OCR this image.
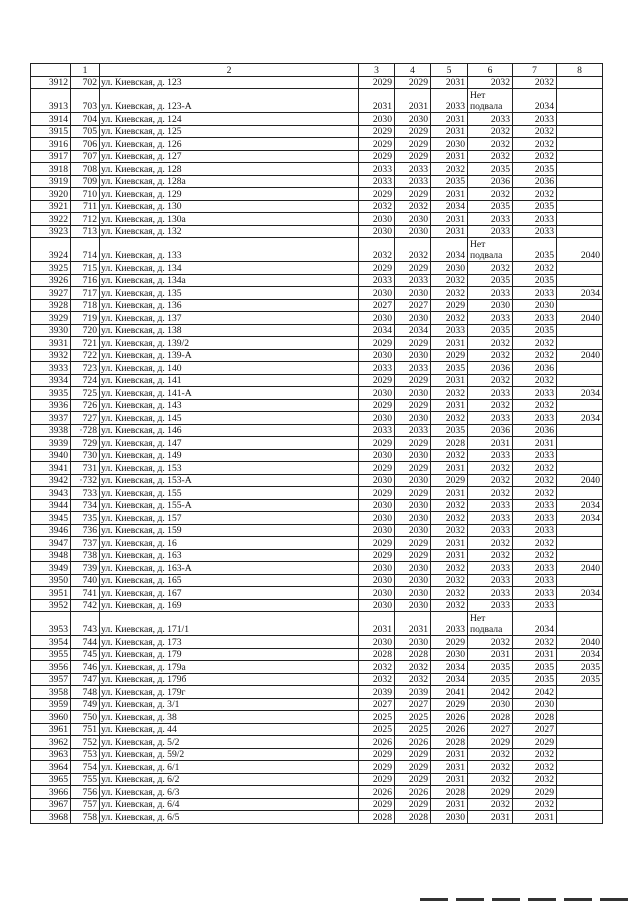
	1	2	3	4	5	6	7	8
3912	702	ул. Киевская, д. 123	2029	2029	2031	2032	2032	
3913	703	ул. Киевская, д. 123-А	2031	2031	2033	Нет подвала	2034	
3914	704	ул. Киевская, д. 124	2030	2030	2031	2033	2033	
3915	705	ул. Киевская, д. 125	2029	2029	2031	2032	2032	
3916	706	ул. Киевская, д. 126	2029	2029	2030	2032	2032	
3917	707	ул. Киевская, д. 127	2029	2029	2031	2032	2032	
3918	708	ул. Киевская, д. 128	2033	2033	2032	2035	2035	
3919	709	ул. Киевская, д. 128а	2033	2033	2035	2036	2036	
3920	710	ул. Киевская, д. 129	2029	2029	2031	2032	2032	
3921	711	ул. Киевская, д. 130	2032	2032	2034	2035	2035	
3922	712	ул. Киевская, д. 130а	2030	2030	2031	2033	2033	
3923	713	ул. Киевская, д. 132	2030	2030	2031	2033	2033	
3924	714	ул. Киевская, д. 133	2032	2032	2034	Нет подвала	2035	2040
3925	715	ул. Киевская, д. 134	2029	2029	2030	2032	2032	
3926	716	ул. Киевская, д. 134а	2033	2033	2032	2035	2035	
3927	717	ул. Киевская, д. 135	2030	2030	2032	2033	2033	2034
3928	718	ул. Киевская, д. 136	2027	2027	2029	2030	2030	
3929	719	ул. Киевская, д. 137	2030	2030	2032	2033	2033	2040
3930	720	ул. Киевская, д. 138	2034	2034	2033	2035	2035	
3931	721	ул. Киевская, д. 139/2	2029	2029	2031	2032	2032	
3932	722	ул. Киевская, д. 139-А	2030	2030	2029	2032	2032	2040
3933	723	ул. Киевская, д. 140	2033	2033	2035	2036	2036	
3934	724	ул. Киевская, д. 141	2029	2029	2031	2032	2032	
3935	725	ул. Киевская, д. 141-А	2030	2030	2032	2033	2033	2034
3936	726	ул. Киевская, д. 143	2029	2029	2031	2032	2032	
3937	727	ул. Киевская, д. 145	2030	2030	2032	2033	2033	2034
3938	·728	ул. Киевская, д. 146	2033	2033	2035	2036	2036	
3939	729	ул. Киевская, д. 147	2029	2029	2028	2031	2031	
3940	730	ул. Киевская, д. 149	2030	2030	2032	2033	2033	
3941	731	ул. Киевская, д. 153	2029	2029	2031	2032	2032	
3942	·732	ул. Киевская, д. 153-А	2030	2030	2029	2032	2032	2040
3943	733	ул. Киевская, д. 155	2029	2029	2031	2032	2032	
3944	734	ул. Киевская, д. 155-А	2030	2030	2032	2033	2033	2034
3945	735	ул. Киевская, д. 157	2030	2030	2032	2033	2033	2034
3946	736	ул. Киевская, д. 159	2030	2030	2032	2033	2033	
3947	737	ул. Киевская, д. 16	2029	2029	2031	2032	2032	
3948	738	ул. Киевская, д. 163	2029	2029	2031	2032	2032	
3949	739	ул. Киевская, д. 163-А	2030	2030	2032	2033	2033	2040
3950	740	ул. Киевская, д. 165	2030	2030	2032	2033	2033	
3951	741	ул. Киевская, д. 167	2030	2030	2032	2033	2033	2034
3952	742	ул. Киевская, д. 169	2030	2030	2032	2033	2033	
3953	743	ул. Киевская, д. 171/1	2031	2031	2033	Нет подвала	2034	
3954	744	ул. Киевская, д. 173	2030	2030	2029	2032	2032	2040
3955	745	ул. Киевская, д. 179	2028	2028	2030	2031	2031	2034
3956	746	ул. Киевская, д. 179а	2032	2032	2034	2035	2035	2035
3957	747	ул. Киевская, д. 179б	2032	2032	2034	2035	2035	2035
3958	748	ул. Киевская, д. 179г	2039	2039	2041	2042	2042	
3959	749	ул. Киевская, д. 3/1	2027	2027	2029	2030	2030	
3960	750	ул. Киевская, д. 38	2025	2025	2026	2028	2028	
3961	751	ул. Киевская, д. 44	2025	2025	2026	2027	2027	
3962	752	ул. Киевская, д. 5/2	2026	2026	2028	2029	2029	
3963	753	ул. Киевская, д. 59/2	2029	2029	2031	2032	2032	
3964	754	ул. Киевская, д. 6/1	2029	2029	2031	2032	2032	
3965	755	ул. Киевская, д. 6/2	2029	2029	2031	2032	2032	
3966	756	ул. Киевская, д. 6/3	2026	2026	2028	2029	2029	
3967	757	ул. Киевская, д. 6/4	2029	2029	2031	2032	2032	
3968	758	ул. Киевская, д. 6/5	2028	2028	2030	2031	2031	
